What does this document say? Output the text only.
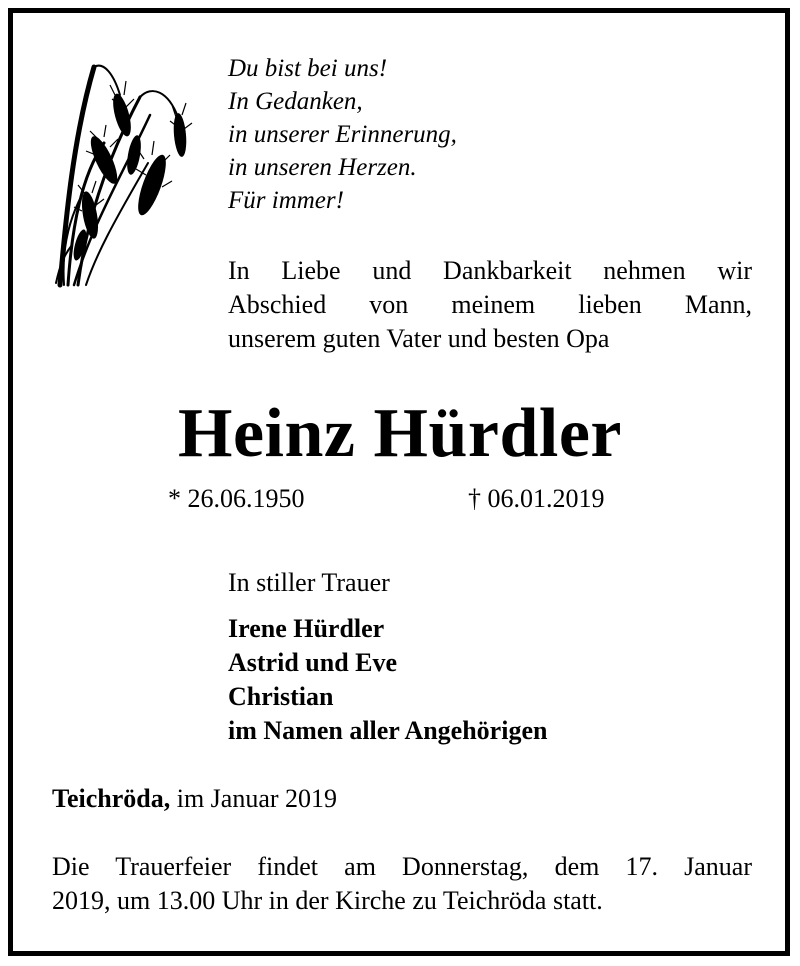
Du bist bei uns!
In Gedanken,
in unserer Erinnerung,
in unseren Herzen.
Für immer!
In Liebe und Dankbarkeit nehmen wir
Abschied von meinem lieben Mann,
unserem guten Vater und besten Opa
Heinz Hürdler
* 26.06.1950	† 06.01.2019
In stiller Trauer
Irene Hürdler
Astrid und Eve
Christian
im Namen aller Angehörigen
Teichröda, im Januar 2019
Die Trauerfeier findet am Donnerstag, dem 17. Januar
2019, um 13.00 Uhr in der Kirche zu Teichröda statt.
